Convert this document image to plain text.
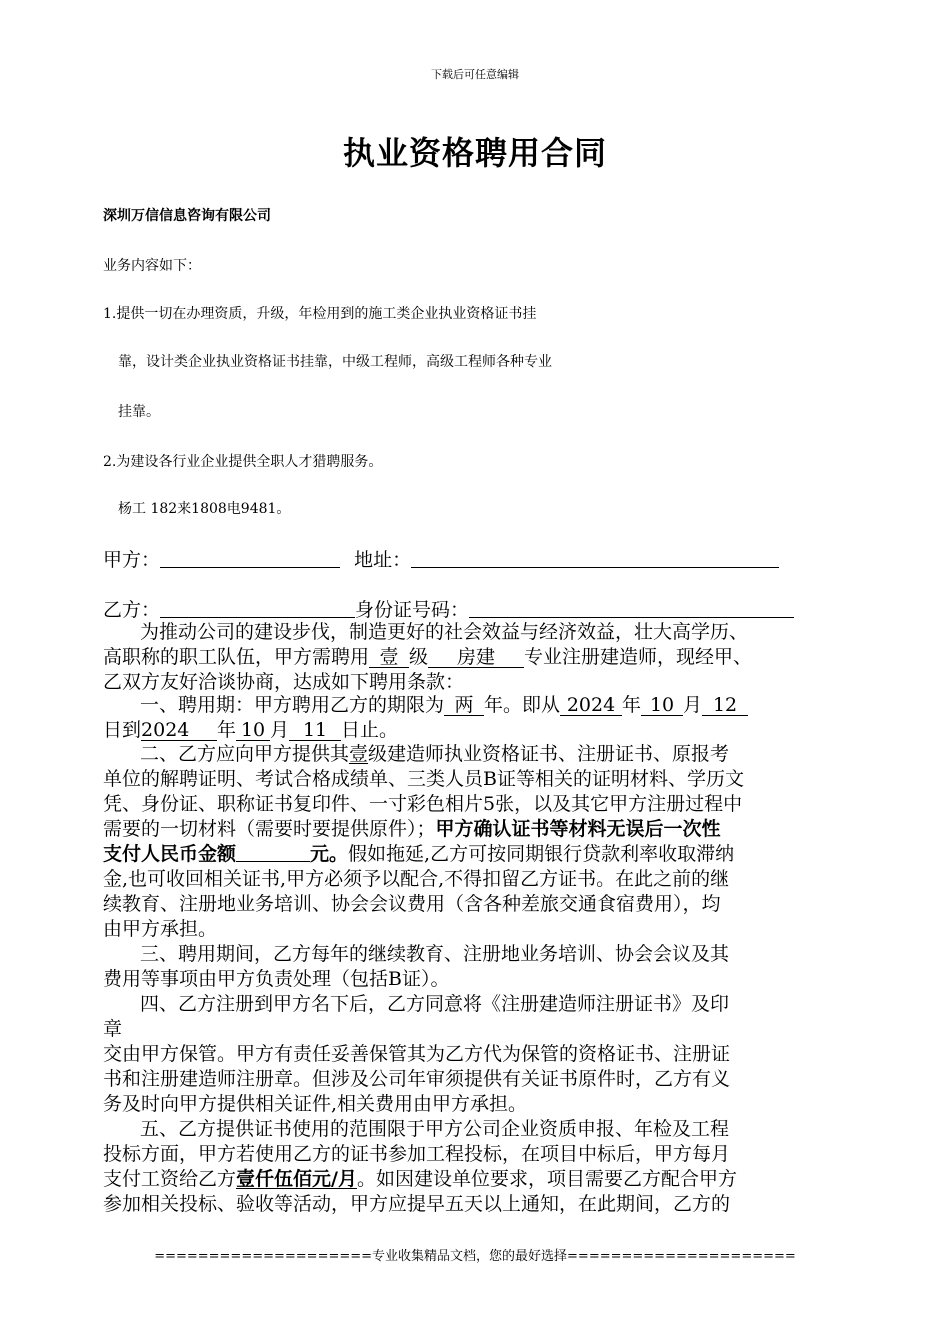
下载后可任意编辑
执业资格聘用合同
深圳万信信息咨询有限公司
业务内容如下：
1.提供一切在办理资质，升级，年检用到的施工类企业执业资格证书挂
靠，设计类企业执业资格证书挂靠，中级工程师，高级工程师各种专业
挂靠。
2.为建设各行业企业提供全职人才猎聘服务。
杨工 182来1808电9481。
甲方：	地址：
乙方：	身份证号码：
为推动公司的建设步伐，制造更好的社会效益与经济效益，壮大高学历、
高职称的职工队伍，甲方需聘用 壹 级 房建 专业注册建造师，现经甲、
乙双方友好洽谈协商，达成如下聘用条款：
一、聘用期：甲方聘用乙方的期限为 两 年。即从 2024 年 10 月 12
日到2024 年 10 月 11 日止。
二、乙方应向甲方提供其壹级建造师执业资格证书、注册证书、原报考
单位的解聘证明、考试合格成绩单、三类人员B证等相关的证明材料、学历文
凭、身份证、职称证书复印件、一寸彩色相片5张，以及其它甲方注册过程中
需要的一切材料（需要时要提供原件）；甲方确认证书等材料无误后一次性
支付人民币金额	元。假如拖延,乙方可按同期银行贷款利率收取滞纳
金,也可收回相关证书,甲方必须予以配合,不得扣留乙方证书。在此之前的继
续教育、注册地业务培训、协会会议费用（含各种差旅交通食宿费用），均
由甲方承担。
三、聘用期间，乙方每年的继续教育、注册地业务培训、协会会议及其
费用等事项由甲方负责处理（包括B证）。
四、乙方注册到甲方名下后，乙方同意将《注册建造师注册证书》及印
章
交由甲方保管。甲方有责任妥善保管其为乙方代为保管的资格证书、注册证
书和注册建造师注册章。但涉及公司年审须提供有关证书原件时，乙方有义
务及时向甲方提供相关证件,相关费用由甲方承担。
五、乙方提供证书使用的范围限于甲方公司企业资质申报、年检及工程
投标方面，甲方若使用乙方的证书参加工程投标，在项目中标后，甲方每月
支付工资给乙方壹仟伍佰元/月。如因建设单位要求，项目需要乙方配合甲方
参加相关投标、验收等活动，甲方应提早五天以上通知，在此期间，乙方的
====================专业收集精品文档，您的最好选择=====================
